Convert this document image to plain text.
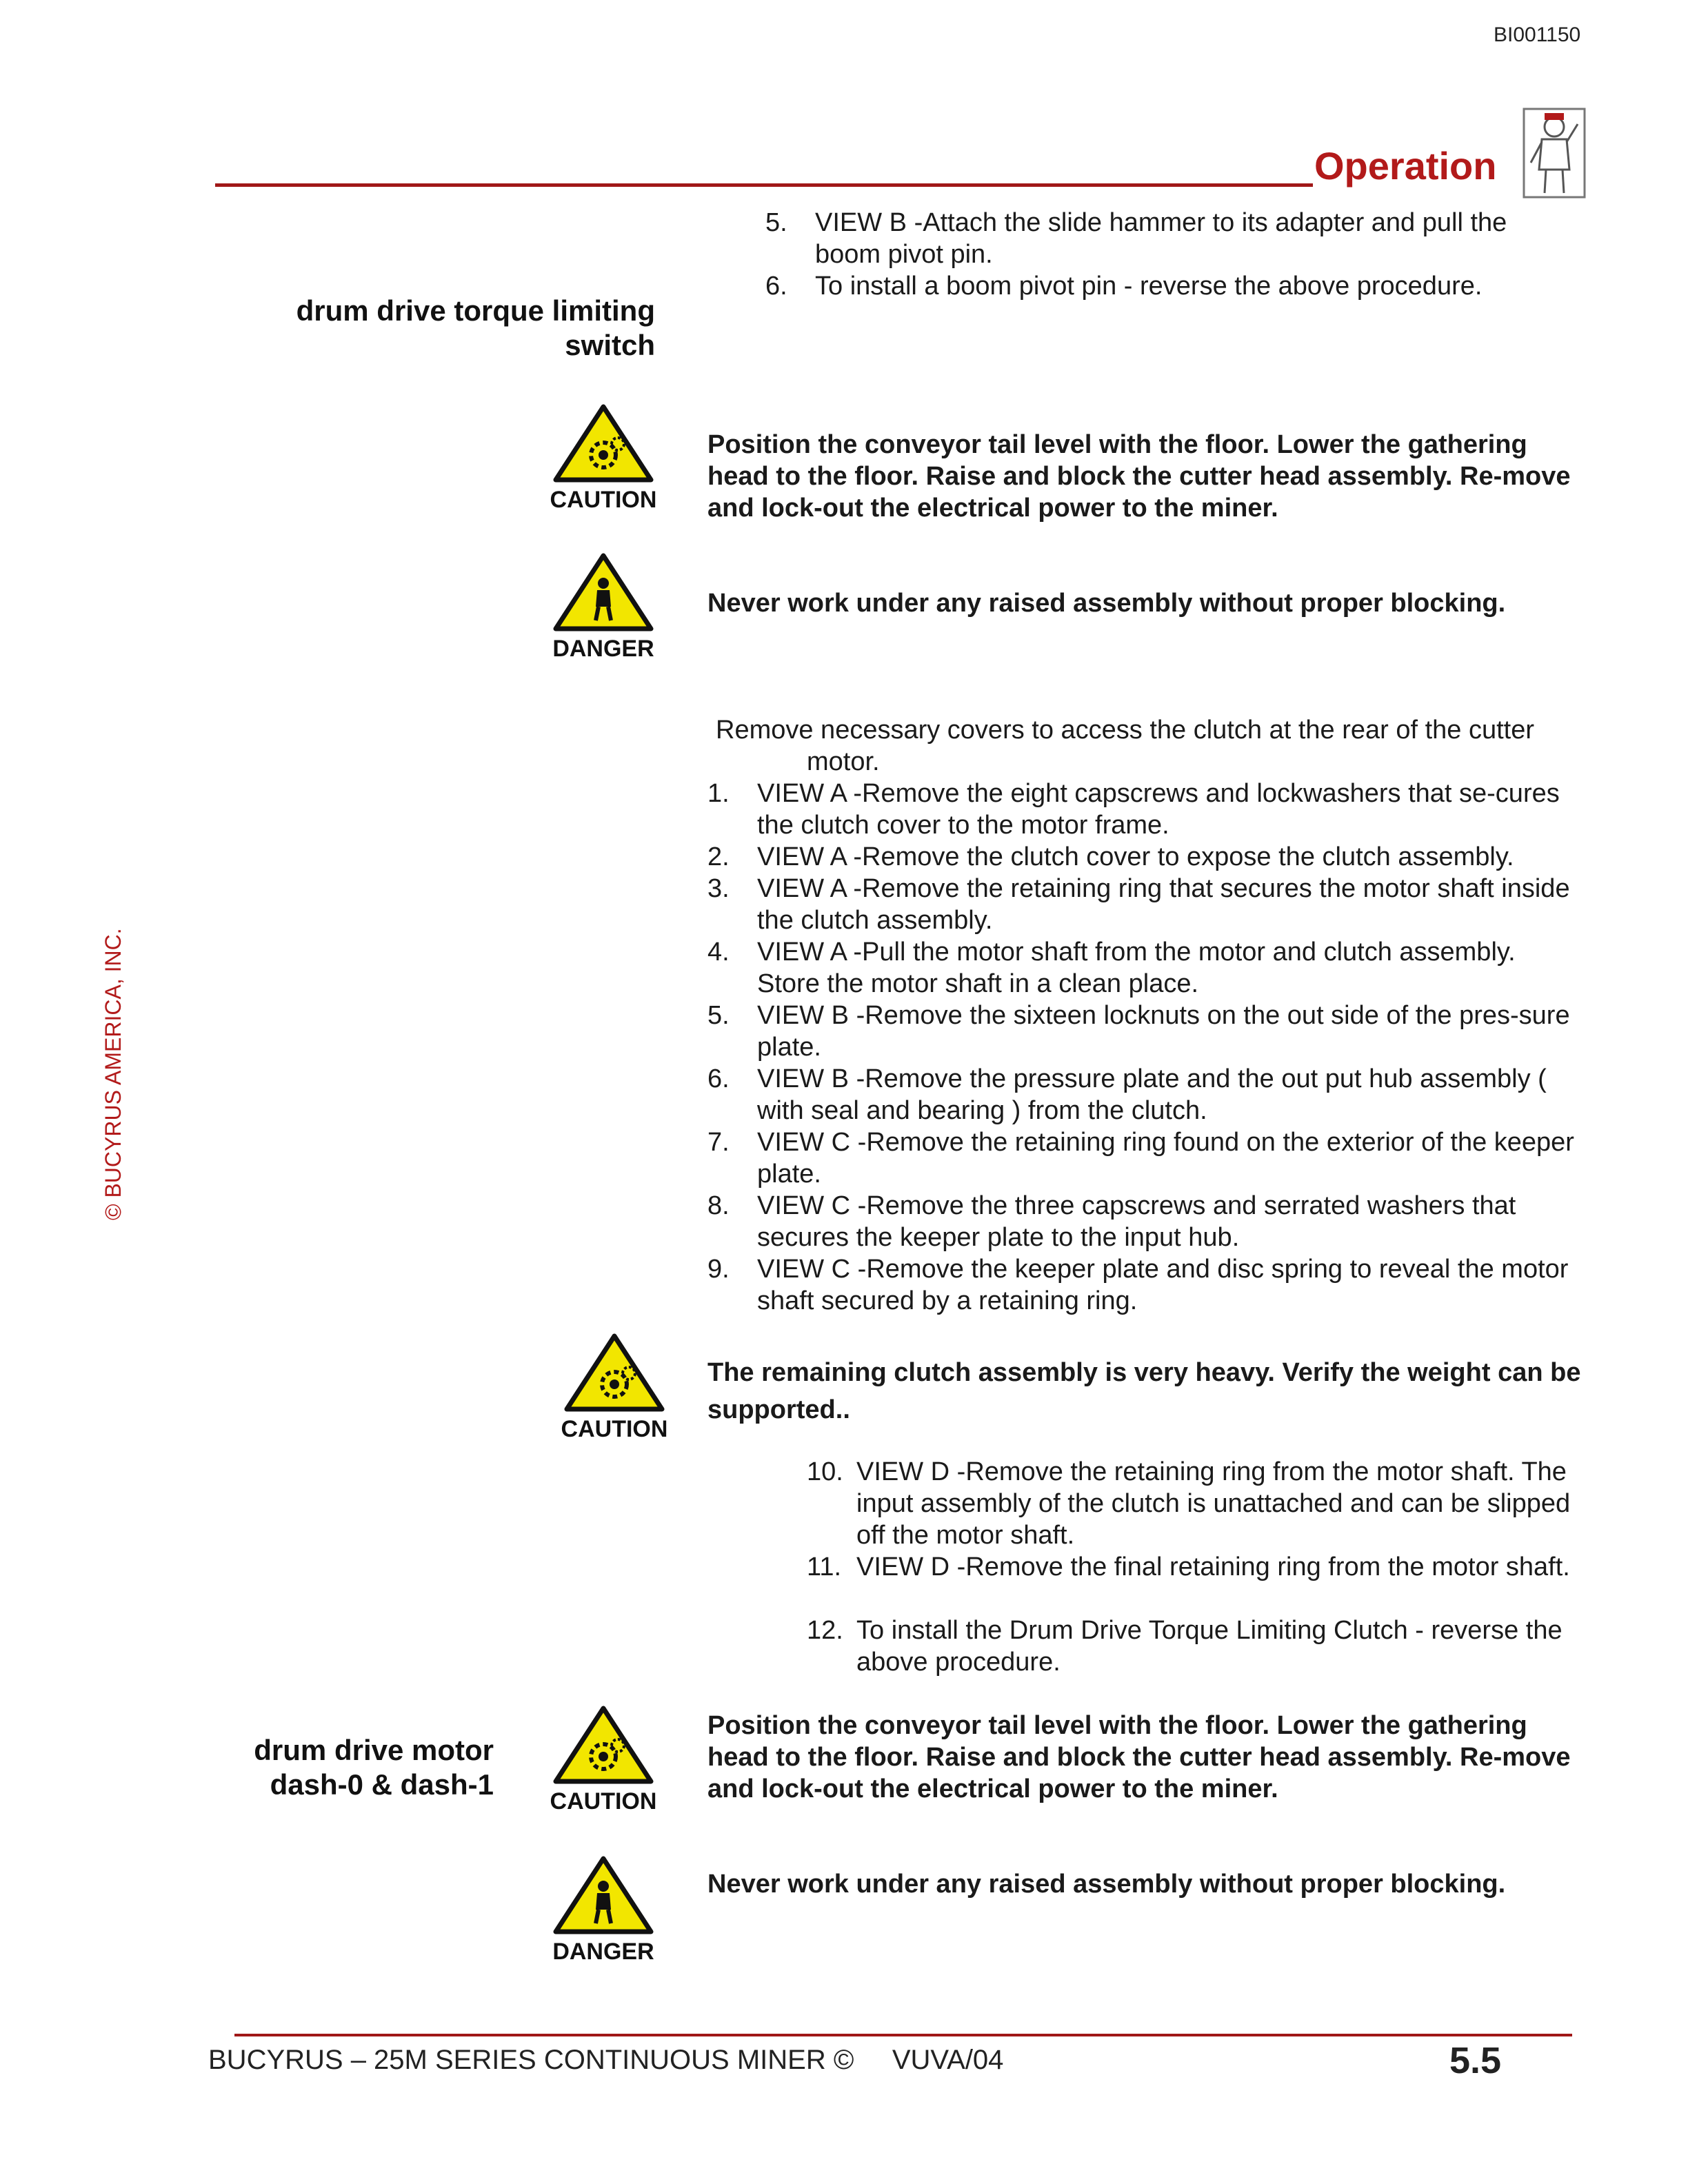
BI001150
Operation
© BUCYRUS AMERICA, INC.
5.	VIEW B -Attach the slide hammer to its adapter and pull the boom pivot pin.
6.	To install a boom pivot pin - reverse the above procedure.
drum drive torque limiting
switch
CAUTION
Position the conveyor tail level with the floor. Lower the gathering head to the floor. Raise and block the cutter head assembly. Re-move and lock-out the electrical power to the miner.
DANGER
Never work under any raised assembly without proper blocking.
Remove necessary covers to access the clutch at the rear of the cutter
motor.
1.	VIEW A -Remove the eight capscrews and lockwashers that se-cures the clutch cover to the motor frame.
2.	VIEW A -Remove the clutch cover to expose the clutch assembly.
3.	VIEW A -Remove the retaining ring that secures the motor shaft inside the clutch assembly.
4.	VIEW A -Pull the motor shaft from the motor and clutch assembly. Store the motor shaft in a clean place.
5.	VIEW B -Remove the sixteen locknuts on the out side of the pres-sure plate.
6.	VIEW B -Remove the pressure plate and the out put hub assembly ( with seal and bearing ) from the clutch.
7.	VIEW C -Remove the retaining ring found on the exterior of the keeper plate.
8.	VIEW C -Remove the three capscrews and serrated washers that secures the keeper plate to the input hub.
9.	VIEW C -Remove the keeper plate and disc spring to reveal the motor shaft secured by a retaining ring.
CAUTION
The remaining clutch assembly is very heavy. Verify the weight can be supported..
10. VIEW D -Remove the retaining ring from the motor shaft. The input assembly of the clutch is unattached and can be slipped off the motor shaft.
11. VIEW D -Remove the final retaining ring from the motor shaft.
12. To install the Drum Drive Torque Limiting Clutch - reverse the above procedure.
drum drive motor
dash-0 & dash-1
CAUTION
Position the conveyor tail level with the floor. Lower the gathering head to the floor. Raise and block the cutter head assembly. Re-move and lock-out the electrical power to the miner.
DANGER
Never work under any raised assembly without proper blocking.
BUCYRUS – 25M SERIES CONTINUOUS MINER ©     VUVA/04	5.5
